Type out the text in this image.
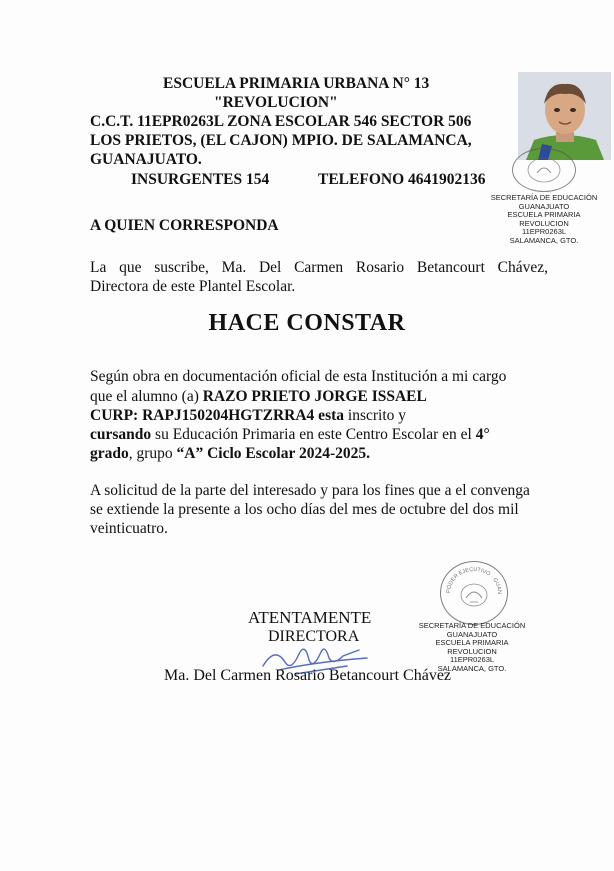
ESCUELA PRIMARIA URBANA N° 13
"REVOLUCION"
C.C.T. 11EPR0263L ZONA ESCOLAR 546 SECTOR 506
LOS PRIETOS, (EL CAJON) MPIO. DE SALAMANCA,
GUANAJUATO.
INSURGENTES 154	TELEFONO 4641902136
SECRETARÍA DE EDUCACIÓN
GUANAJUATO
ESCUELA PRIMARIA
REVOLUCION
11EPR0263L
SALAMANCA, GTO.
A QUIEN CORRESPONDA
La que suscribe, Ma. Del Carmen Rosario Betancourt Chávez,
Directora de este Plantel Escolar.
HACE CONSTAR
Según obra en documentación oficial de esta Institución a mi cargo
que el alumno (a) RAZO PRIETO JORGE ISSAEL
CURP: RAPJ150204HGTZRRA4 esta inscrito y
cursando su Educación Primaria en este Centro Escolar en el 4°
grado, grupo “A” Ciclo Escolar 2024-2025.
A solicitud de la parte del interesado y para los fines que a el convenga
se extiende la presente a los ocho días del mes de octubre del dos mil
veinticuatro.
PODER EJECUTIVO · GUAN
SECRETARÍA DE EDUCACIÓN
GUANAJUATO
ESCUELA PRIMARIA
REVOLUCION
11EPR0263L
SALAMANCA, GTO.
ATENTAMENTE
DIRECTORA
Ma. Del Carmen Rosario Betancourt Chávez
